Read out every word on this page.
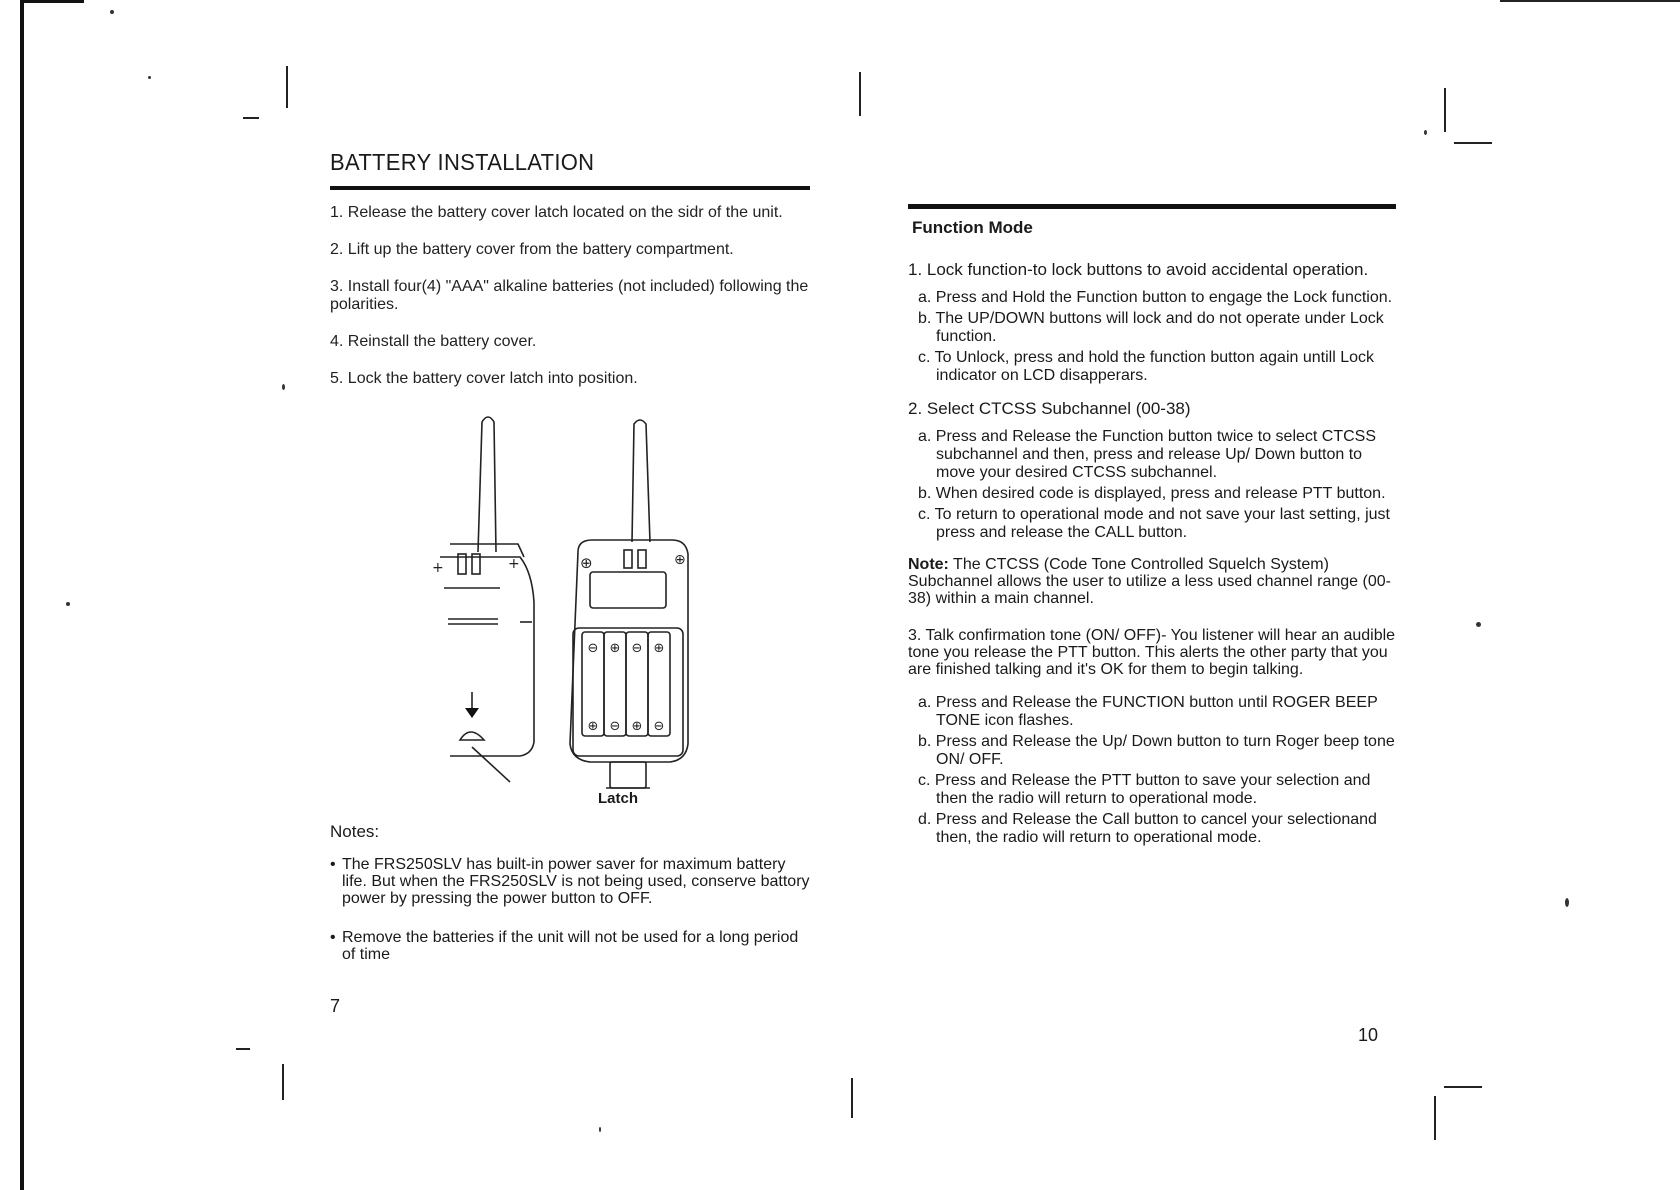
BATTERY INSTALLATION
1. Release the battery cover latch located on the sidr of the unit.
2. Lift up the battery cover from the battery compartment.
3. Install four(4) "AAA" alkaline batteries (not included) following the polarities.
4. Reinstall the battery cover.
5. Lock the battery cover latch into position.
+	+	⊕	⊕
⊖ ⊕ ⊖ ⊕
⊕ ⊖ ⊕ ⊖
Latch
Notes:
• The FRS250SLV has built-in power saver for maximum battery life. But when the FRS250SLV is not being used, conserve battory power by pressing the power button to OFF.
• Remove the batteries if the unit will not be used for a long period of time
7
Function Mode

1. Lock function-to lock buttons to avoid accidental operation.

a. Press and Hold the Function button to engage the Lock function.
b. The UP/DOWN buttons will lock and do not operate under Lock function.
c. To Unlock, press and hold the function button again untill Lock indicator on LCD disapperars.

2. Select CTCSS Subchannel (00-38)

a. Press and Release the Function button twice to select CTCSS subchannel and then, press and release Up/ Down button to move your desired CTCSS subchannel.
b. When desired code is displayed, press and release PTT button.
c. To return to operational mode and not save your last setting, just press and release the CALL button.

Note: The CTCSS (Code Tone Controlled Squelch System) Subchannel allows the user to utilize a less used channel range (00-38) within a main channel.

3. Talk confirmation tone (ON/ OFF)- You listener will hear an audible tone you release the PTT button. This alerts the other party that you are finished talking and it's OK for them to begin talking.

a. Press and Release the FUNCTION button until ROGER BEEP TONE icon flashes.
b. Press and Release the Up/ Down button to turn Roger beep tone ON/ OFF.
c. Press and Release the PTT button to save your selection and then the radio will return to operational mode.
d. Press and Release the Call button to cancel your selectionand then, the radio will return to operational mode.
10
